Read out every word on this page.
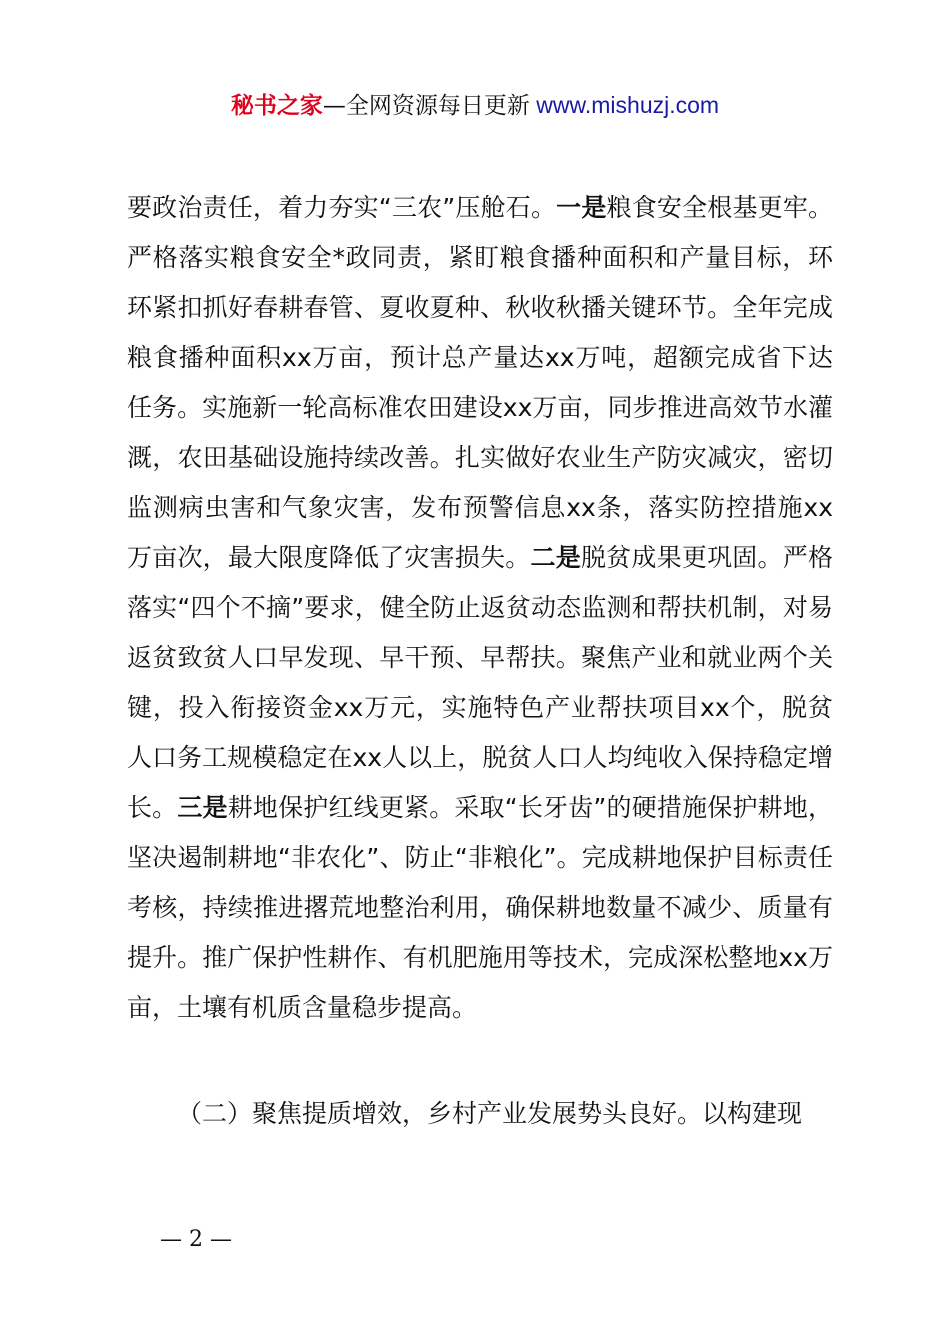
秘书之家—全网资源每日更新 www.mishuzj.com

要政治责任，着力夯实“三农”压舱石。一是粮食安全根基更牢。严格落实粮食安全*政同责，紧盯粮食播种面积和产量目标，环环紧扣抓好春耕春管、夏收夏种、秋收秋播关键环节。全年完成粮食播种面积xx万亩，预计总产量达xx万吨，超额完成省下达任务。实施新一轮高标准农田建设xx万亩，同步推进高效节水灌溉，农田基础设施持续改善。扎实做好农业生产防灾减灾，密切监测病虫害和气象灾害，发布预警信息xx条，落实防控措施xx万亩次，最大限度降低了灾害损失。二是脱贫成果更巩固。严格落实“四个不摘”要求，健全防止返贫动态监测和帮扶机制，对易返贫致贫人口早发现、早干预、早帮扶。聚焦产业和就业两个关键，投入衔接资金xx万元，实施特色产业帮扶项目xx个，脱贫人口务工规模稳定在xx人以上，脱贫人口人均纯收入保持稳定增长。三是耕地保护红线更紧。采取“长牙齿”的硬措施保护耕地，坚决遏制耕地“非农化”、防止“非粮化”。完成耕地保护目标责任考核，持续推进撂荒地整治利用，确保耕地数量不减少、质量有提升。推广保护性耕作、有机肥施用等技术，完成深松整地xx万亩，土壤有机质含量稳步提高。

（二）聚焦提质增效，乡村产业发展势头良好。以构建现

— 2 —
